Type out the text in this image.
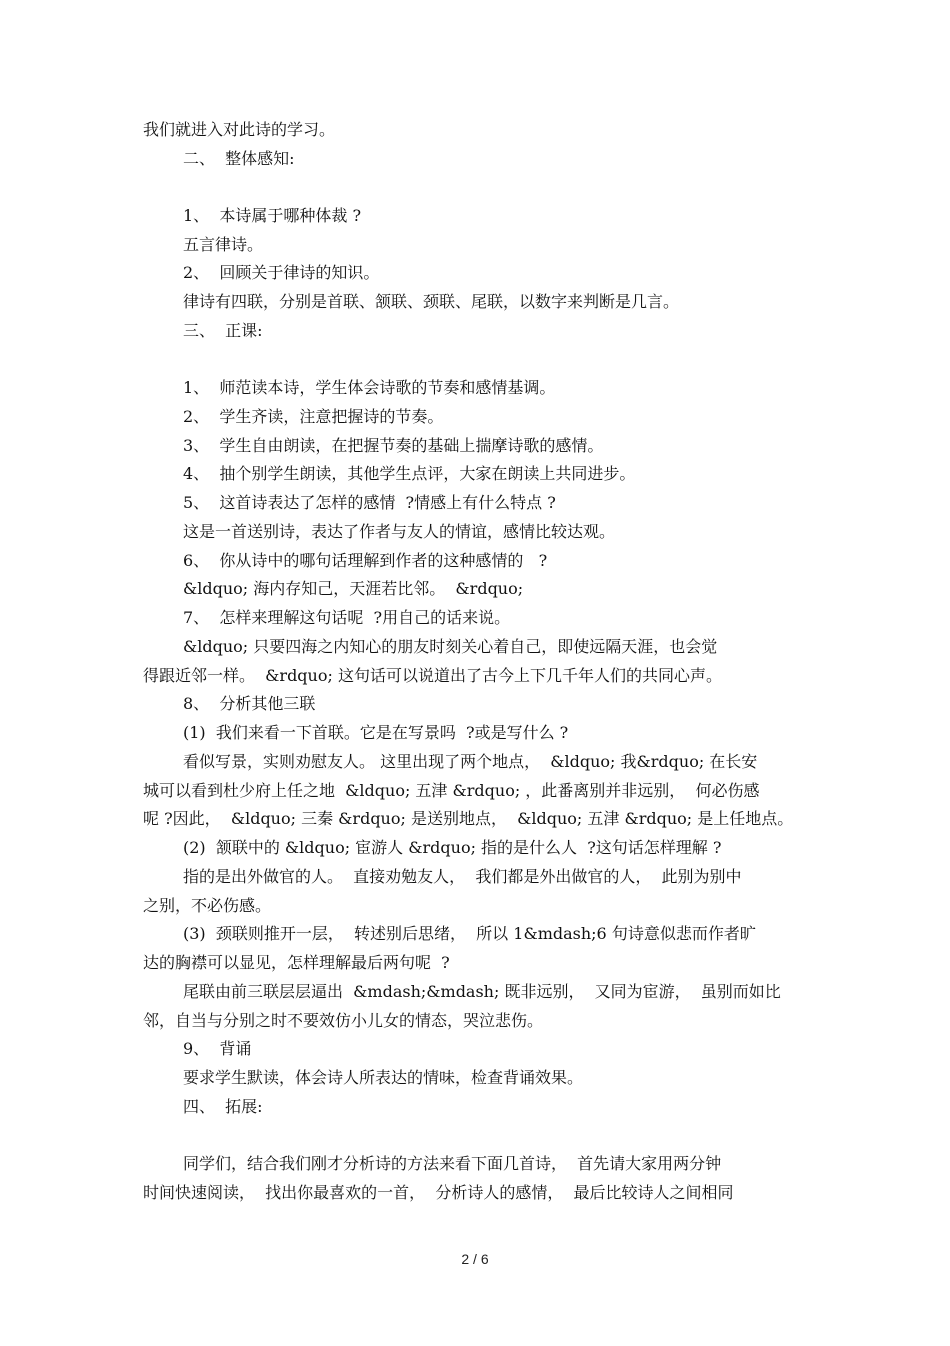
我们就进入对此诗的学习。
二、  整体感知:
1、  本诗属于哪种体裁 ?
五言律诗。
2、  回顾关于律诗的知识。
律诗有四联，分别是首联、颔联、颈联、尾联，以数字来判断是几言。
三、  正课:
1、  师范读本诗，学生体会诗歌的节奏和感情基调。
2、  学生齐读，注意把握诗的节奏。
3、  学生自由朗读，在把握节奏的基础上揣摩诗歌的感情。
4、  抽个别学生朗读，其他学生点评，大家在朗读上共同进步。
5、  这首诗表达了怎样的感情  ?情感上有什么特点 ?
这是一首送别诗，表达了作者与友人的情谊，感情比较达观。
6、  你从诗中的哪句话理解到作者的这种感情的   ?
&ldquo; 海内存知己，天涯若比邻。  &rdquo;
7、  怎样来理解这句话呢  ?用自己的话来说。
&ldquo; 只要四海之内知心的朋友时刻关心着自己，即使远隔天涯，也会觉
得跟近邻一样。  &rdquo; 这句话可以说道出了古今上下几千年人们的共同心声。
8、  分析其他三联
(1)  我们来看一下首联。它是在写景吗  ?或是写什么 ?
看似写景，实则劝慰友人。 这里出现了两个地点，  &ldquo; 我&rdquo; 在长安
城可以看到杜少府上任之地  &ldquo; 五津 &rdquo; ，此番离别并非远别，  何必伤感
呢 ?因此，  &ldquo; 三秦 &rdquo; 是送别地点，  &ldquo; 五津 &rdquo; 是上任地点。
(2)  颔联中的 &ldquo; 宦游人 &rdquo; 指的是什么人  ?这句话怎样理解 ?
指的是出外做官的人。  直接劝勉友人，  我们都是外出做官的人，  此别为别中
之别，不必伤感。
(3)  颈联则推开一层，  转述别后思绪，  所以 1&mdash;6 句诗意似悲而作者旷
达的胸襟可以显见，怎样理解最后两句呢  ?
尾联由前三联层层逼出  &mdash;&mdash; 既非远别，  又同为宦游，  虽别而如比
邻，自当与分别之时不要效仿小儿女的情态，哭泣悲伤。
9、  背诵
要求学生默读，体会诗人所表达的情味，检查背诵效果。
四、  拓展:
同学们，结合我们刚才分析诗的方法来看下面几首诗，  首先请大家用两分钟
时间快速阅读，  找出你最喜欢的一首，  分析诗人的感情，  最后比较诗人之间相同
2 / 6
